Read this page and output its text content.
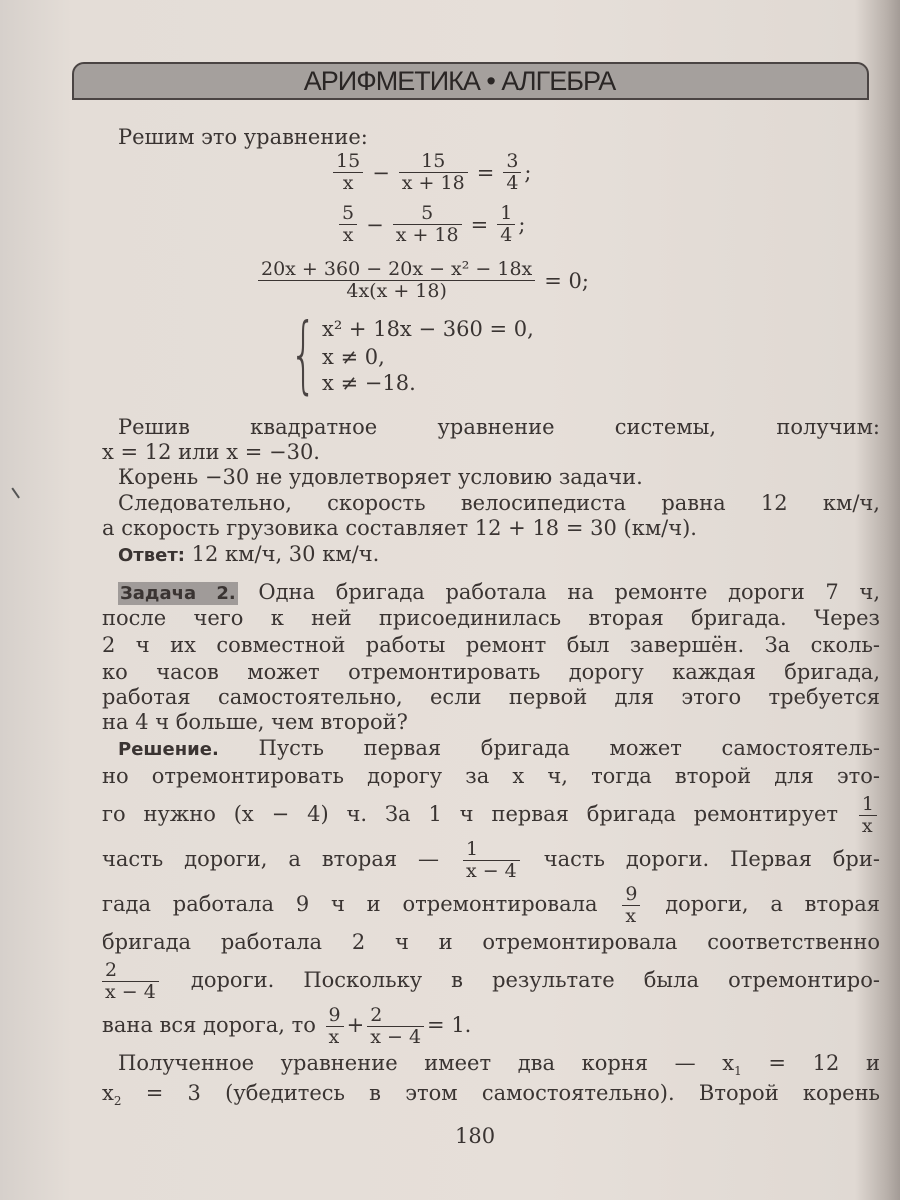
АРИФМЕТИКА • АЛГЕБРА
Решим это уравнение:
$\frac{15}{x} - \frac{15}{x + 18} = \frac{3}{4}$ ;
$\frac{5}{x} - \frac{5}{x + 18} = \frac{1}{4}$ ;
$\frac{\text{20x + 360 − 20x − x² − 18x}}{4x(x + 18)} = 0$;
{ x² + 18x − 360 = 0,
x ≠ 0,
x ≠ −18.
Решив квадратное уравнение системы, получим:
x = 12 или x = −30.
Корень −30 не удовлетворяет условию задачи.
Следовательно, скорость велосипедиста равна 12 км/ч,
а скорость грузовика составляет 12 + 18 = 30 (км/ч).
Ответ: 12 км/ч, 30 км/ч.
Задача 2. Одна бригада работала на ремонте дороги 7 ч,
после чего к ней присоединилась вторая бригада. Через
2 ч их совместной работы ремонт был завершён. За сколь-
ко часов может отремонтировать дорогу каждая бригада,
работая самостоятельно, если первой для этого требуется
на 4 ч больше, чем второй?
Решение. Пусть первая бригада может самостоятель-
но отремонтировать дорогу за x ч, тогда второй для это-
го нужно (x − 4) ч. За 1 ч первая бригада ремонтирует $\frac{1}{x}$
часть дороги, а вторая — $\frac{1}{x - 4}$ часть дороги. Первая бри-
гада работала 9 ч и отремонтировала $\frac{9}{x}$ дороги, а вторая
бригада работала 2 ч и отремонтировала соответственно
$\frac{2}{x - 4}$ дороги. Поскольку в результате была отремонтиро-
вана вся дорога, то $\frac{9}{x} + \frac{2}{x - 4} = 1$.
Полученное уравнение имеет два корня — $x_1 = 12$ и
$x_2 = 3$ (убедитесь в этом самостоятельно). Второй корень
180
